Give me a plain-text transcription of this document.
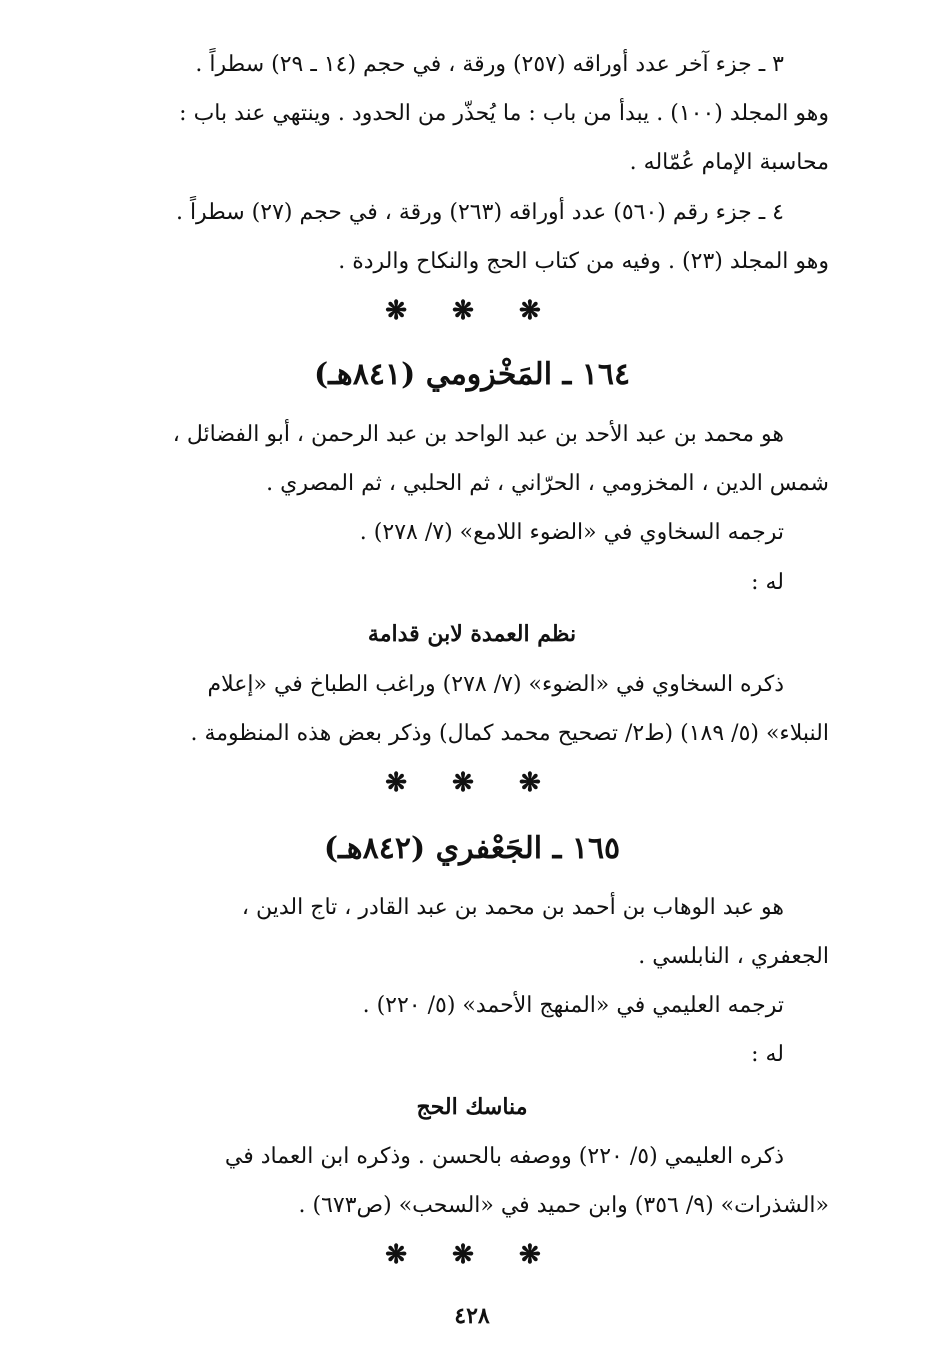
٣ ـ جزء آخر عدد أوراقه (٢٥٧) ورقة ، في حجم (١٤ ـ ٢٩) سطراً .
وهو المجلد (١٠٠) . يبدأ من باب : ما يُحذّر من الحدود . وينتهي عند باب :
محاسبة الإمام عُمّاله .
٤ ـ جزء رقم (٥٦٠) عدد أوراقه (٢٦٣) ورقة ، في حجم (٢٧) سطراً .
وهو المجلد (٢٣) . وفيه من كتاب الحج والنكاح والردة .
❋ ❋ ❋
١٦٤ ـ المَخْزومي (٨٤١هـ)
هو محمد بن عبد الأحد بن عبد الواحد بن عبد الرحمن ، أبو الفضائل ،
شمس الدين ، المخزومي ، الحرّاني ، ثم الحلبي ، ثم المصري .
ترجمه السخاوي في «الضوء اللامع» (٧/ ٢٧٨) .
له :
نظم العمدة لابن قدامة
ذكره السخاوي في «الضوء» (٧/ ٢٧٨) وراغب الطباخ في «إعلام
النبلاء» (٥/ ١٨٩) (ط٢/ تصحيح محمد كمال) وذكر بعض هذه المنظومة .
❋ ❋ ❋
١٦٥ ـ الجَعْفري (٨٤٢هـ)
هو عبد الوهاب بن أحمد بن محمد بن عبد القادر ، تاج الدين ،
الجعفري ، النابلسي .
ترجمه العليمي في «المنهج الأحمد» (٥/ ٢٢٠) .
له :
مناسك الحج
ذكره العليمي (٥/ ٢٢٠) ووصفه بالحسن . وذكره ابن العماد في
«الشذرات» (٩/ ٣٥٦) وابن حميد في «السحب» (ص٦٧٣) .
❋ ❋ ❋
٤٢٨
